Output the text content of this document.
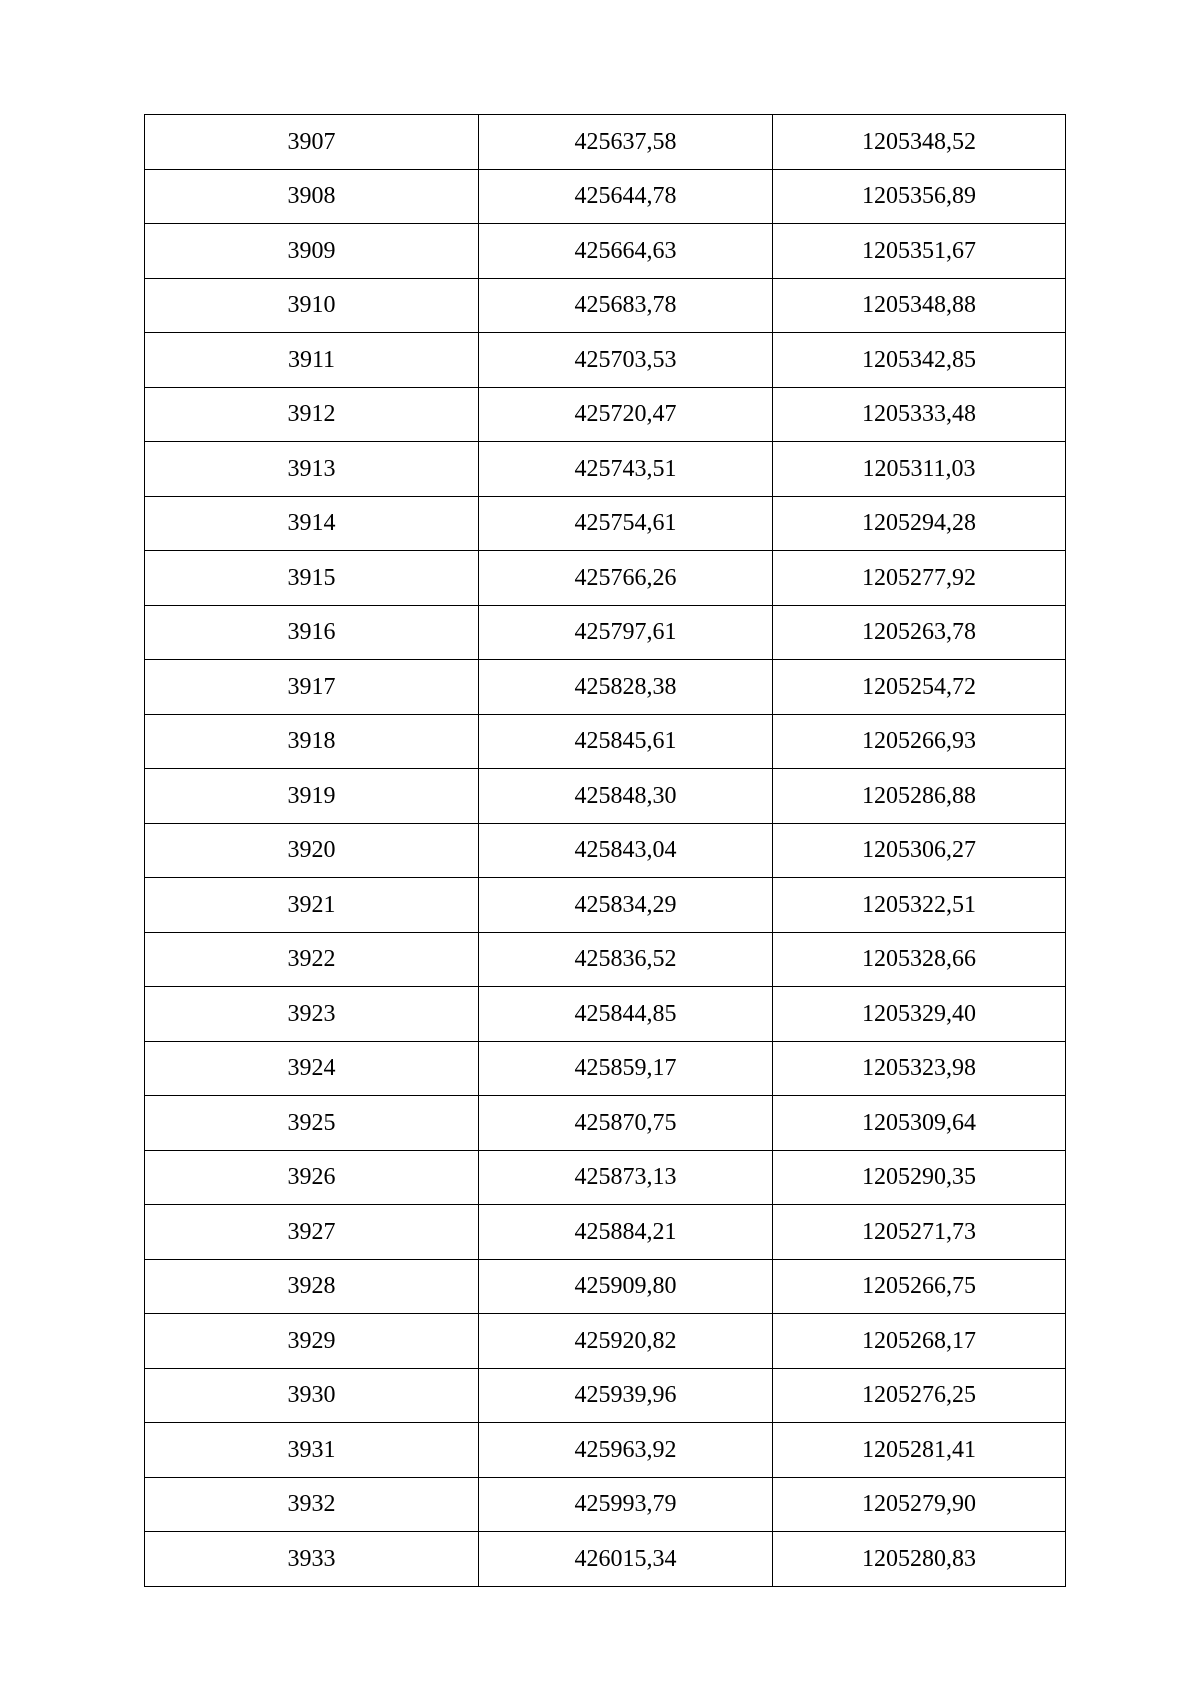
3907	425637,58	1205348,52
3908	425644,78	1205356,89
3909	425664,63	1205351,67
3910	425683,78	1205348,88
3911	425703,53	1205342,85
3912	425720,47	1205333,48
3913	425743,51	1205311,03
3914	425754,61	1205294,28
3915	425766,26	1205277,92
3916	425797,61	1205263,78
3917	425828,38	1205254,72
3918	425845,61	1205266,93
3919	425848,30	1205286,88
3920	425843,04	1205306,27
3921	425834,29	1205322,51
3922	425836,52	1205328,66
3923	425844,85	1205329,40
3924	425859,17	1205323,98
3925	425870,75	1205309,64
3926	425873,13	1205290,35
3927	425884,21	1205271,73
3928	425909,80	1205266,75
3929	425920,82	1205268,17
3930	425939,96	1205276,25
3931	425963,92	1205281,41
3932	425993,79	1205279,90
3933	426015,34	1205280,83
